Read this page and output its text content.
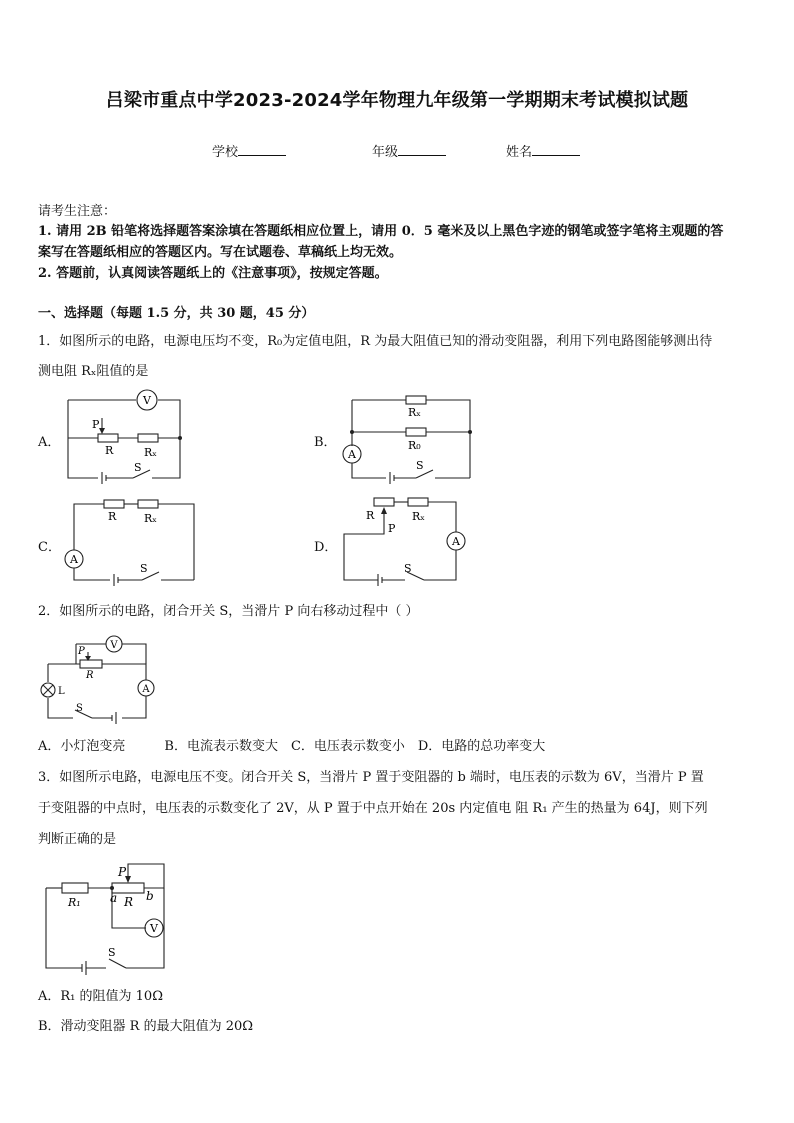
吕梁市重点中学2023-2024学年物理九年级第一学期期末考试模拟试题
学校	年级	姓名
请考生注意：
1. 请用 2B 铅笔将选择题答案涂填在答题纸相应位置上，请用 0．5 毫米及以上黑色字迹的钢笔或签字笔将主观题的答
案写在答题纸相应的答题区内。写在试题卷、草稿纸上均无效。
2. 答题前，认真阅读答题纸上的《注意事项》，按规定答题。
一、选择题（每题 1.5 分，共 30 题，45 分）
1．如图所示的电路，电源电压均不变，R₀为定值电阻，R 为最大阻值已知的滑动变阻器，利用下列电路图能够测出待
测电阻 Rₓ阻值的是
A．	B．
C．	D．
V
P
R	Rₓ
S
Rₓ
R₀
A
S
R	Rₓ
A
S
R
P
Rₓ
A
S
2．如图所示的电路，闭合开关 S，当滑片 P 向右移动过程中（ ）
V
P
R
A
L
S
A．小灯泡变亮　　　B．电流表示数变大　C．电压表示数变小　D．电路的总功率变大
3．如图所示电路，电源电压不变。闭合开关 S，当滑片 P 置于变阻器的 b 端时，电压表的示数为 6V，当滑片 P 置
于变阻器的中点时，电压表的示数变化了 2V，从 P 置于中点开始在 20s 内定值电 阻 R₁ 产生的热量为 64J，则下列
判断正确的是
R₁
P
a R b
V
S
A．R₁ 的阻值为 10Ω
B．滑动变阻器 R 的最大阻值为 20Ω
